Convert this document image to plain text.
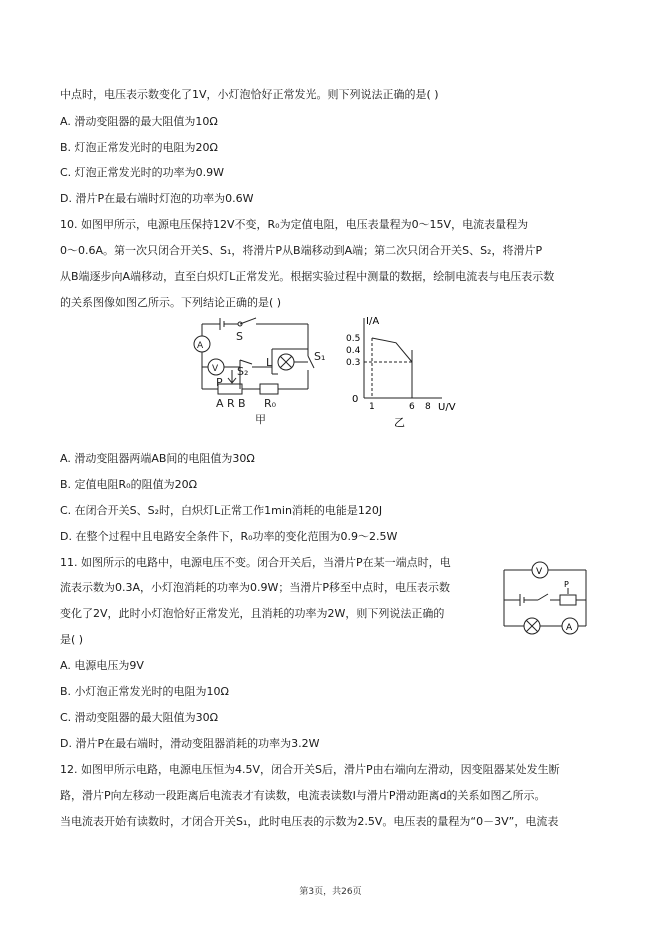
中点时，电压表示数变化了1V，小灯泡恰好正常发光。则下列说法正确的是( )
A. 滑动变阻器的最大阻值为10Ω
B. 灯泡正常发光时的电阻为20Ω
C. 灯泡正常发光时的功率为0.9W
D. 滑片P在最右端时灯泡的功率为0.6W
10. 如图甲所示，电源电压保持12V不变，R₀为定值电阻，电压表量程为0～15V，电流表量程为
0～0.6A。第一次只闭合开关S、S₁，将滑片P从B端移动到A端；第二次只闭合开关S、S₂，将滑片P
从B端逐步向A端移动，直至白炽灯L正常发光。根据实验过程中测量的数据，绘制电流表与电压表示数
的关系图像如图乙所示。下列结论正确的是( )
S
A
V S₂
L	S₁
P
A R B R₀
甲
I/A
U/V
0
0.5
0.4
0.3
1	6 8
乙
A. 滑动变阻器两端AB间的电阻值为30Ω
B. 定值电阻R₀的阻值为20Ω
C. 在闭合开关S、S₂时，白炽灯L正常工作1min消耗的电能是120J
D. 在整个过程中且电路安全条件下，R₀功率的变化范围为0.9～2.5W
11. 如图所示的电路中，电源电压不变。闭合开关后，当滑片P在某一端点时，电
流表示数为0.3A，小灯泡消耗的功率为0.9W；当滑片P移至中点时，电压表示数
变化了2V，此时小灯泡恰好正常发光，且消耗的功率为2W，则下列说法正确的
是( )
A. 电源电压为9V
B. 小灯泡正常发光时的电阻为10Ω
C. 滑动变阻器的最大阻值为30Ω
D. 滑片P在最右端时，滑动变阻器消耗的功率为3.2W
V
A
P
12. 如图甲所示电路，电源电压恒为4.5V，闭合开关S后，滑片P由右端向左滑动，因变阻器某处发生断
路，滑片P向左移动一段距离后电流表才有读数，电流表读数I与滑片P滑动距离d的关系如图乙所示。
当电流表开始有读数时，才闭合开关S₁，此时电压表的示数为2.5V。电压表的量程为“0－3V”，电流表
第3页，共26页
